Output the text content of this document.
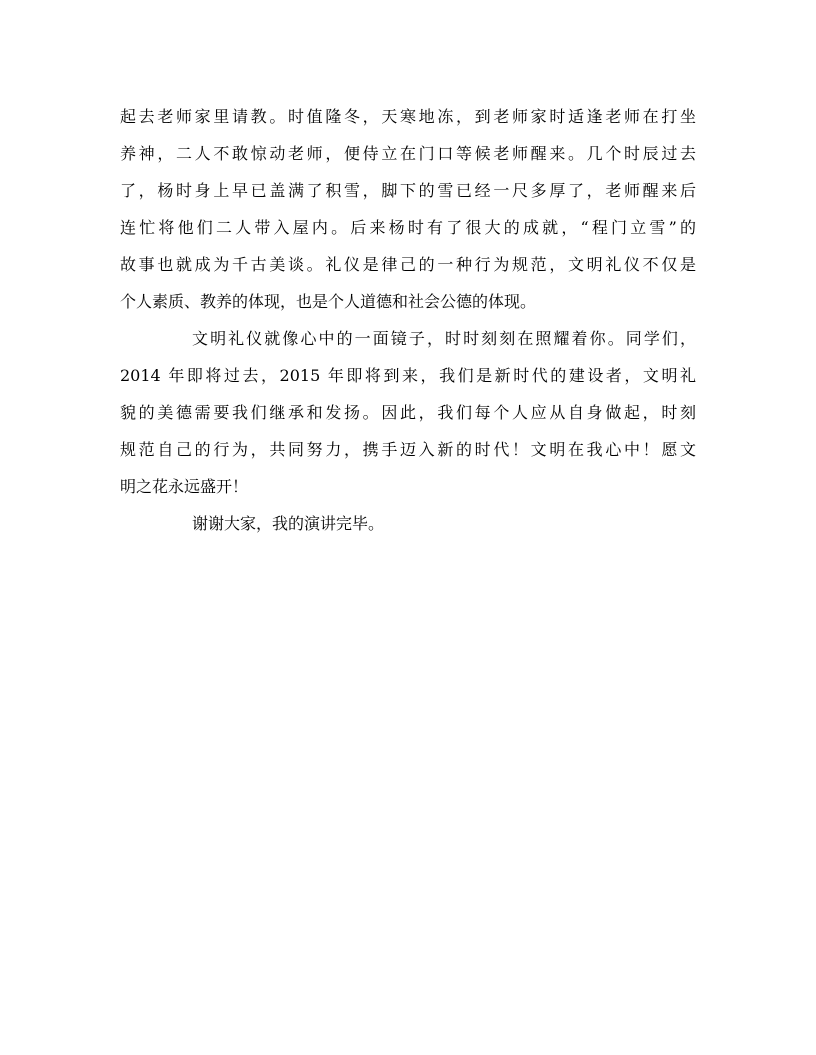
起去老师家里请教。时值隆冬，天寒地冻，到老师家时适逢老师在打坐
养神，二人不敢惊动老师，便侍立在门口等候老师醒来。几个时辰过去
了，杨时身上早已盖满了积雪，脚下的雪已经一尺多厚了，老师醒来后
连忙将他们二人带入屋内。后来杨时有了很大的成就，“程门立雪”的
故事也就成为千古美谈。礼仪是律己的一种行为规范，文明礼仪不仅是
个人素质、教养的体现，也是个人道德和社会公德的体现。
文明礼仪就像心中的一面镜子，时时刻刻在照耀着你。同学们，
2014 年即将过去，2015 年即将到来，我们是新时代的建设者，文明礼
貌的美德需要我们继承和发扬。因此，我们每个人应从自身做起，时刻
规范自己的行为，共同努力，携手迈入新的时代！文明在我心中！愿文
明之花永远盛开！
谢谢大家，我的演讲完毕。
